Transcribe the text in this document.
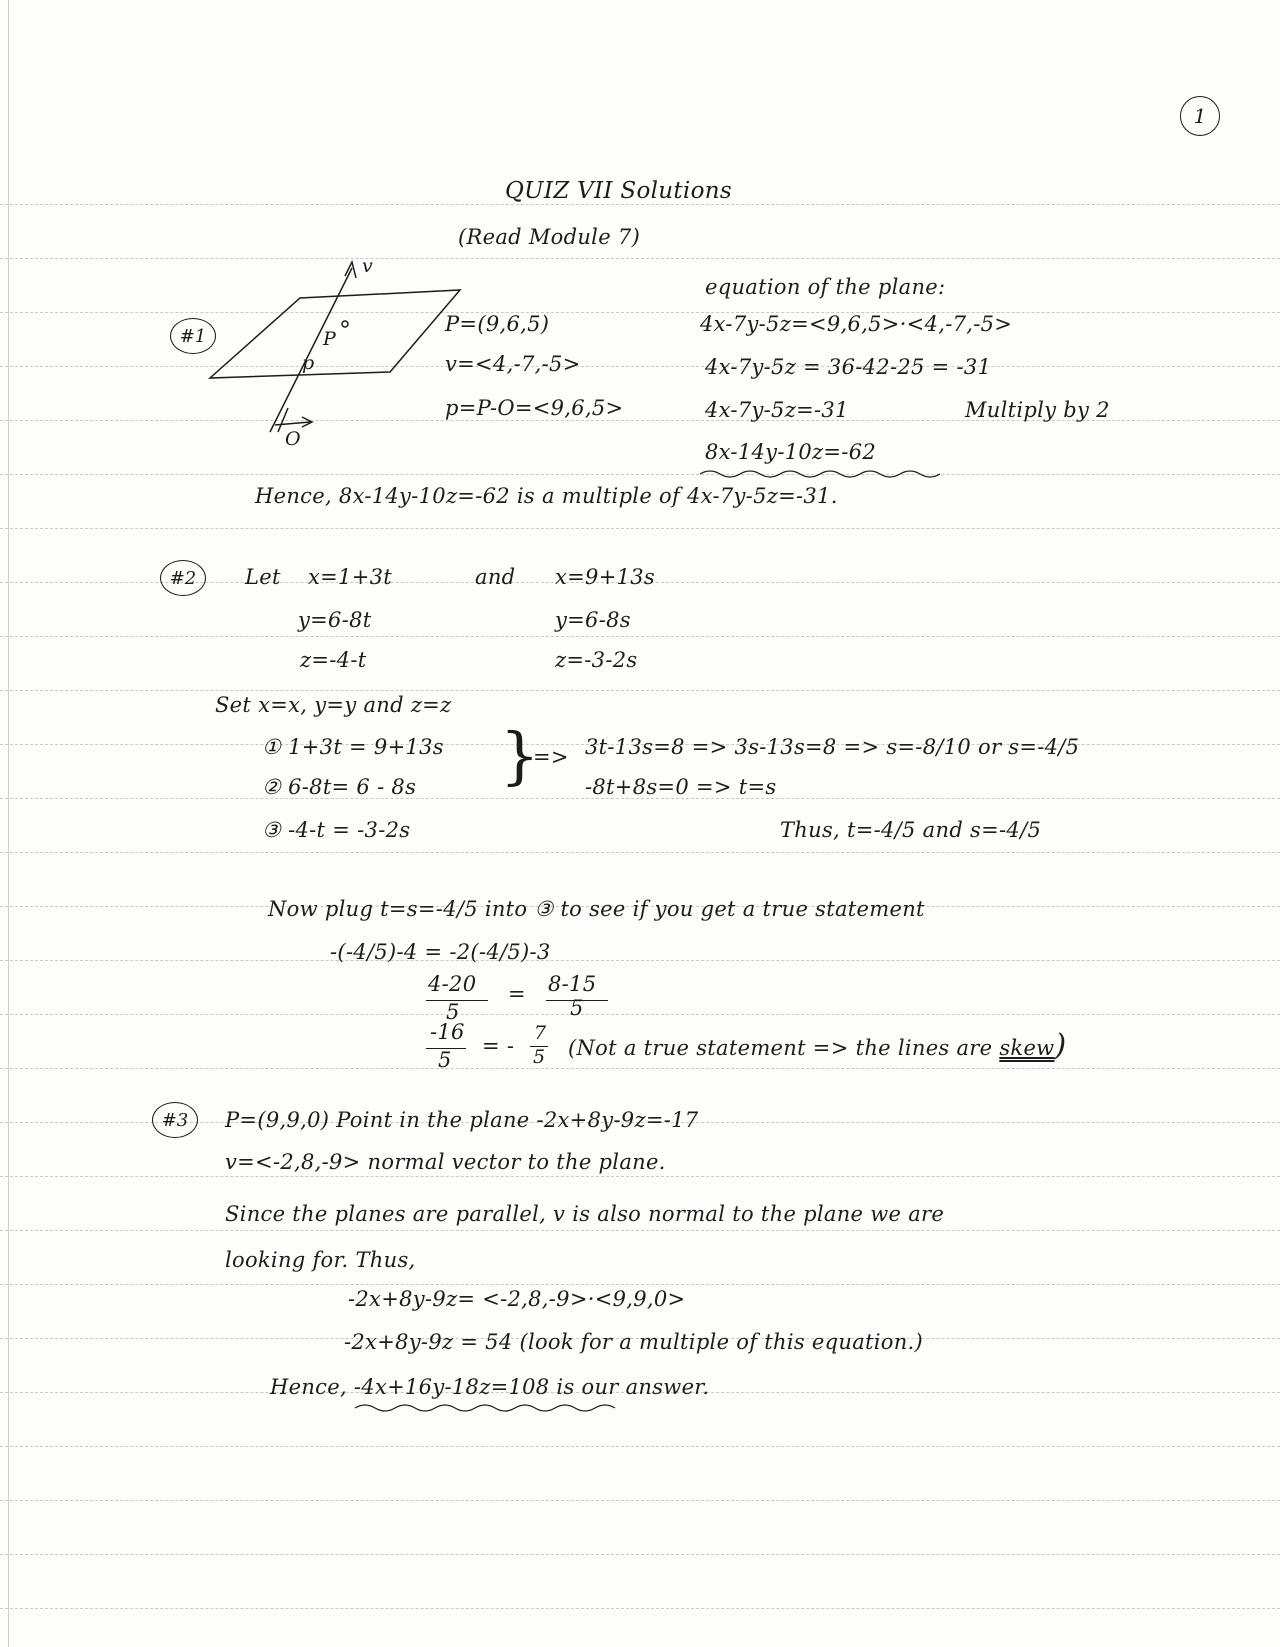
1
QUIZ VII Solutions
(Read Module 7)
#1
v
P
p
O
P=(9,6,5)
v=<4,-7,-5>
p=P-O=<9,6,5>
equation of the plane:
4x-7y-5z=<9,6,5>·<4,-7,-5>
4x-7y-5z = 36-42-25 = -31
4x-7y-5z=-31	Multiply by 2
8x-14y-10z=-62
Hence, 8x-14y-10z=-62 is a multiple of 4x-7y-5z=-31.
#2	Let x=1+3t	and x=9+13s
y=6-8t	y=6-8s
z=-4-t	z=-3-2s
Set x=x, y=y and z=z
① 1+3t = 9+13s
② 6-8t= 6 - 8s
③ -4-t = -3-2s
}
=> 3t-13s=8 => 3s-13s=8 => s=-8/10 or s=-4/5
-8t+8s=0 => t=s
Thus, t=-4/5 and s=-4/5
Now plug t=s=-4/5 into ③ to see if you get a true statement
-(-4/5)-4 = -2(-4/5)-3
4-20
5
= 8-15
5
-16
5
= -
7
5 (Not a true statement => the lines are skew)
#3	P=(9,9,0) Point in the plane -2x+8y-9z=-17
v=<-2,8,-9> normal vector to the plane.
Since the planes are parallel, v is also normal to the plane we are
looking for. Thus,
-2x+8y-9z= <-2,8,-9>·<9,9,0>
-2x+8y-9z = 54 (look for a multiple of this equation.)
Hence, -4x+16y-18z=108 is our answer.
